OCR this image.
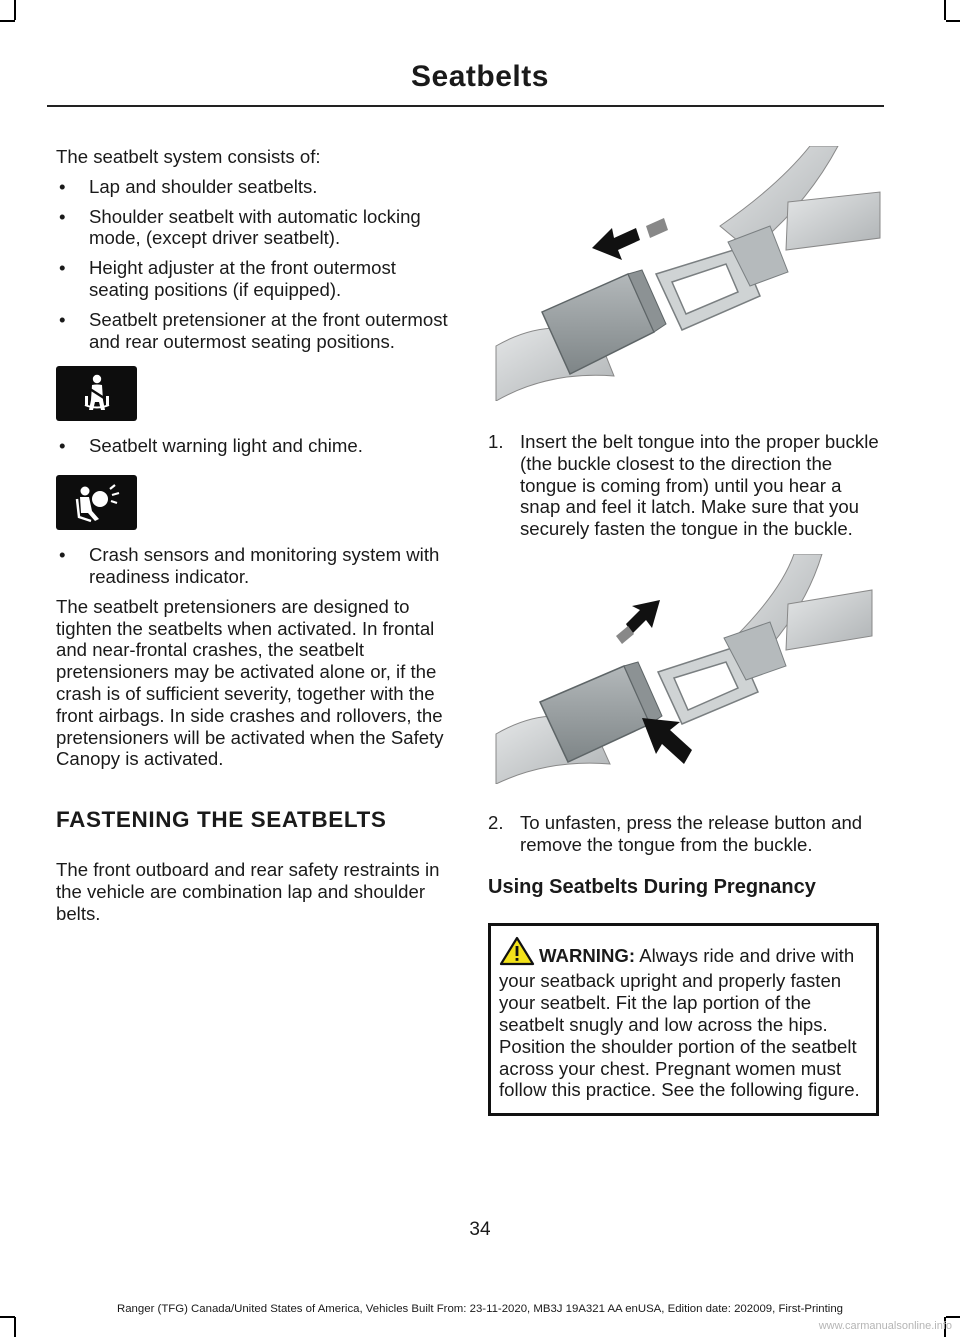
Seatbelts

The seatbelt system consists of:

• Lap and shoulder seatbelts.
• Shoulder seatbelt with automatic locking mode, (except driver seatbelt).
• Height adjuster at the front outermost seating positions (if equipped).
• Seatbelt pretensioner at the front outermost and rear outermost seating positions.
• Seatbelt warning light and chime.
• Crash sensors and monitoring system with readiness indicator.

The seatbelt pretensioners are designed to tighten the seatbelts when activated. In frontal and near-frontal crashes, the seatbelt pretensioners may be activated alone or, if the crash is of sufficient severity, together with the front airbags. In side crashes and rollovers, the pretensioners will be activated when the Safety Canopy is activated.

FASTENING THE SEATBELTS

The front outboard and rear safety restraints in the vehicle are combination lap and shoulder belts.

1. Insert the belt tongue into the proper buckle (the buckle closest to the direction the tongue is coming from) until you hear a snap and feel it latch. Make sure that you securely fasten the tongue in the buckle.
2. To unfasten, press the release button and remove the tongue from the buckle.
Using Seatbelts During Pregnancy
WARNING: Always ride and drive with your seatback upright and properly fasten your seatbelt. Fit the lap portion of the seatbelt snugly and low across the hips. Position the shoulder portion of the seatbelt across your chest. Pregnant women must follow this practice. See the following figure.
34
Ranger (TFG) Canada/United States of America, Vehicles Built From: 23-11-2020, MB3J 19A321 AA enUSA, Edition date: 202009, First-Printing
www.carmanualsonline.info
